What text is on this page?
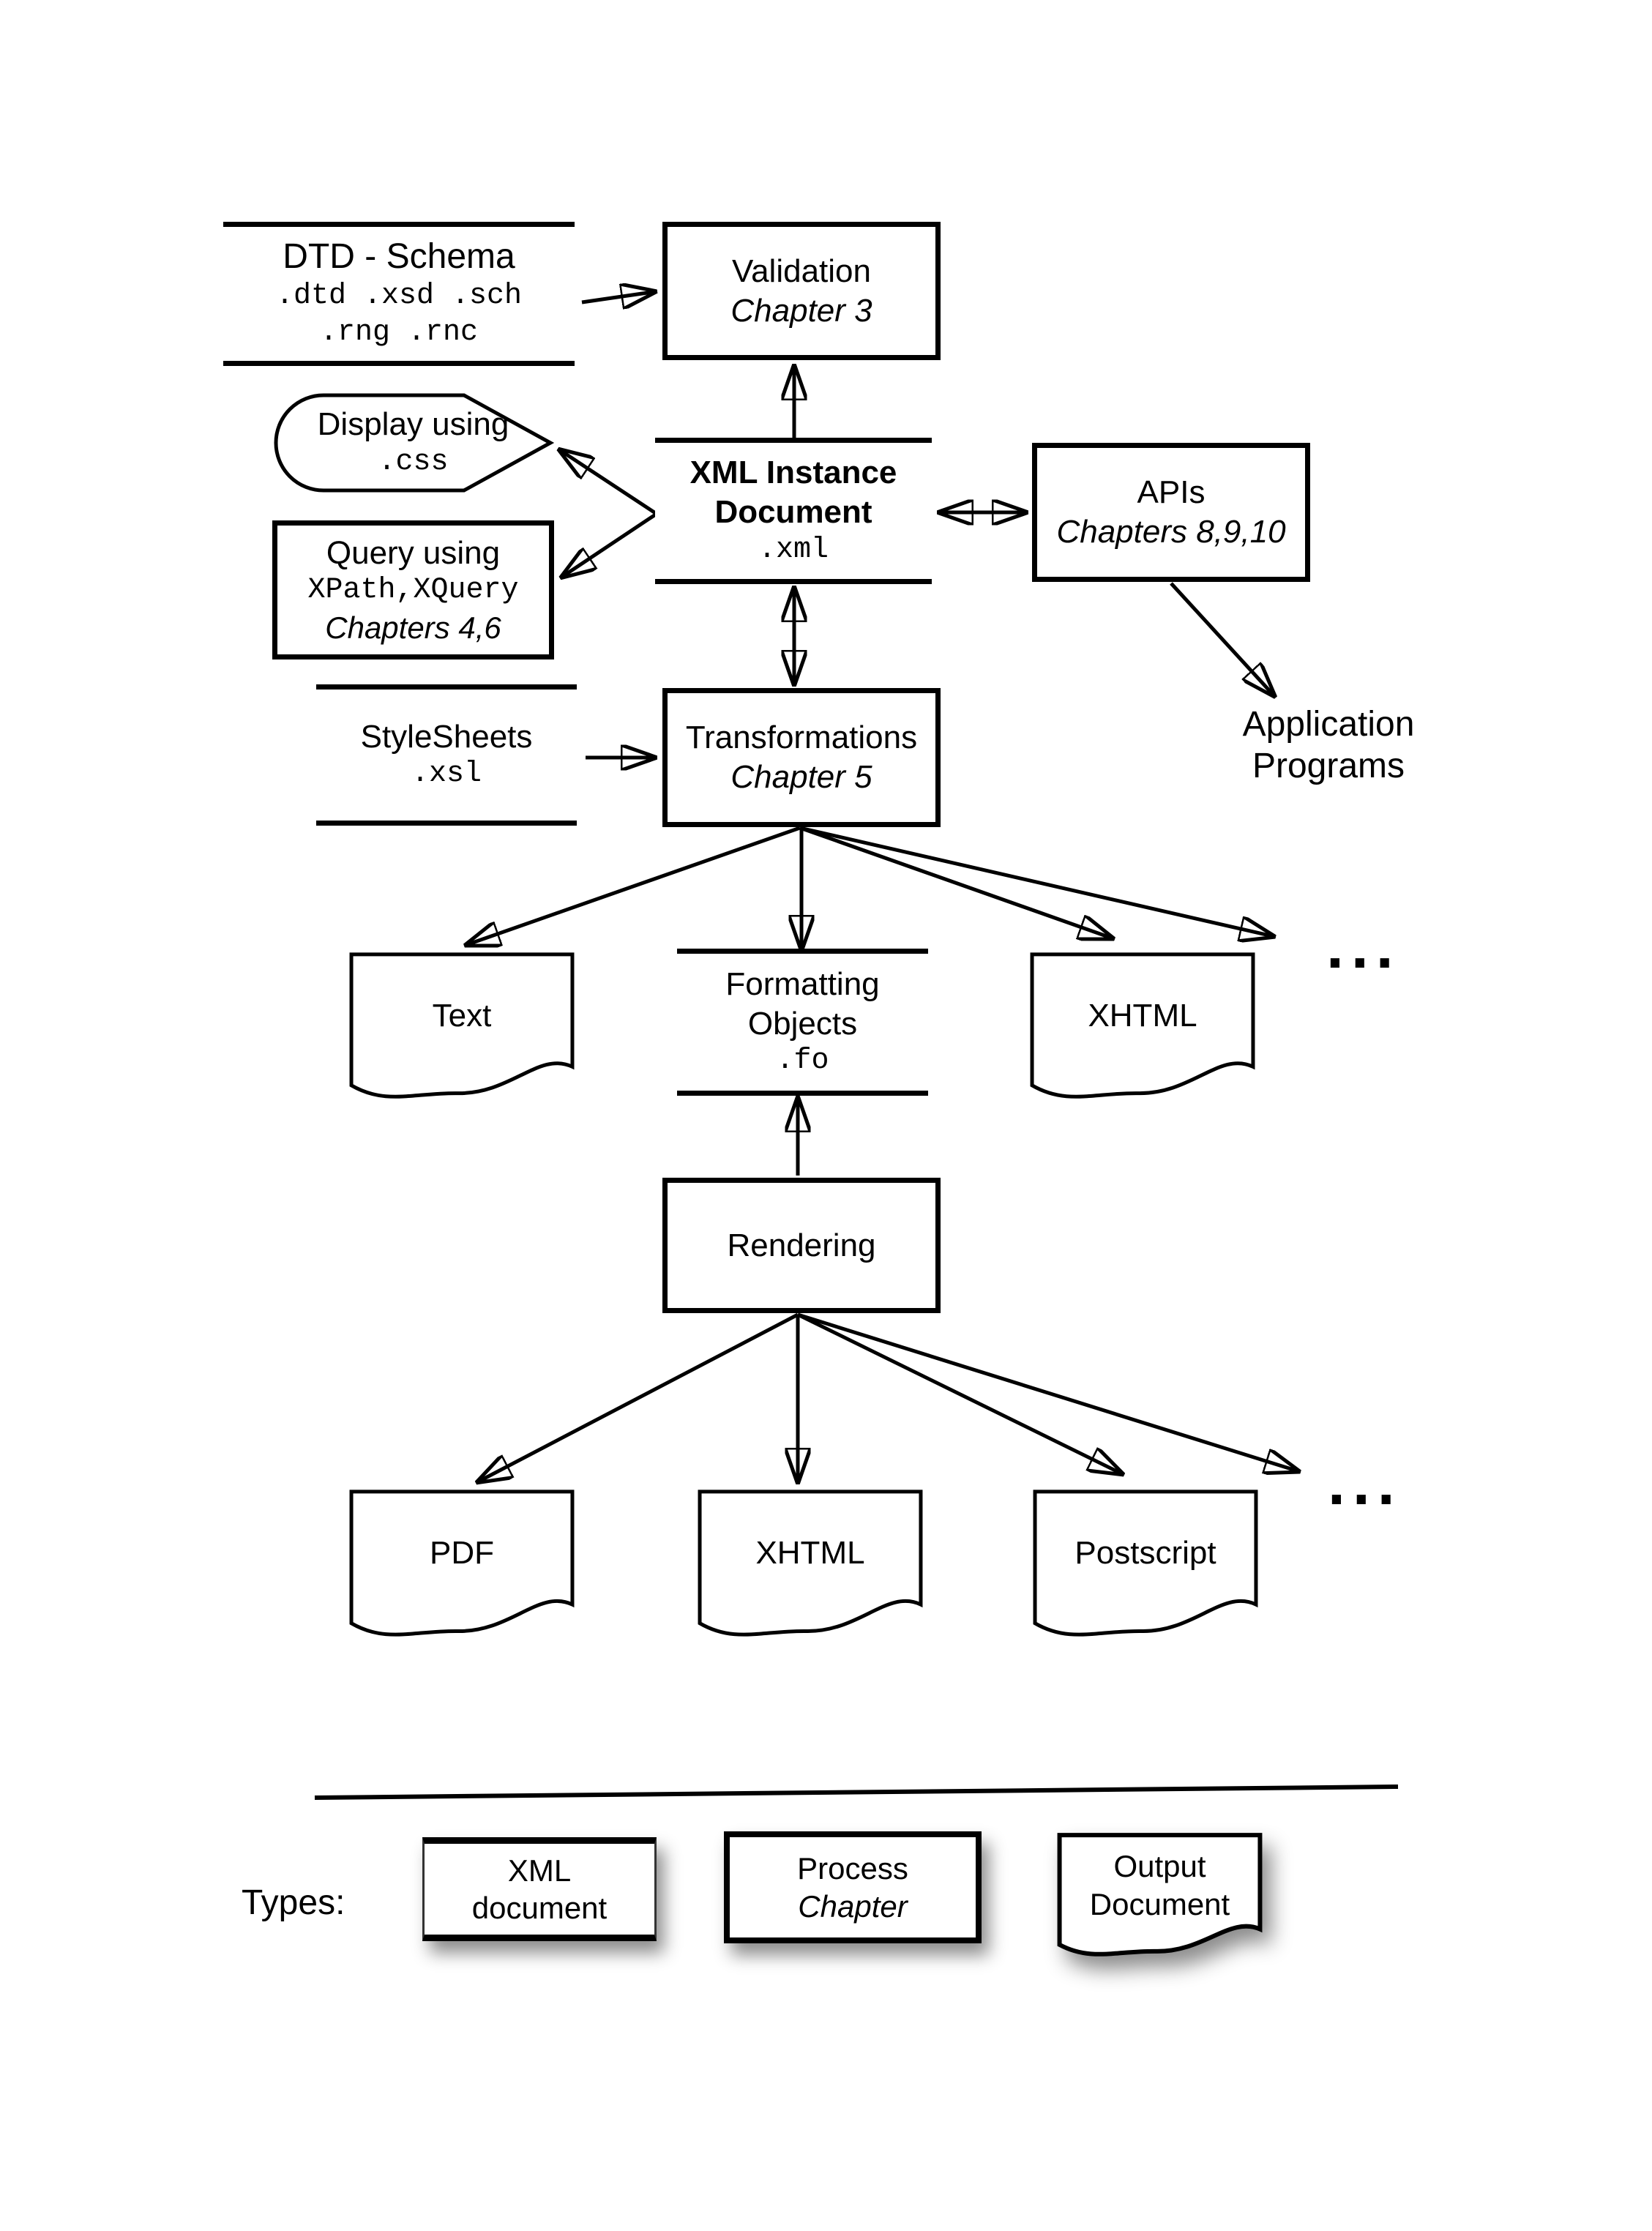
DTD - Schema
.dtd .xsd .sch
.rng .rnc
Validation
Chapter 3
Display using
.css
Query using
XPath,XQuery
Chapters 4,6
XML Instance
Document
.xml
APIs
Chapters 8,9,10
Application
Programs
StyleSheets
.xsl
Transformations
Chapter 5
Text
Formatting
Objects
.fo
XHTML
...
Rendering
PDF	XHTML	Postscript
...
Types:
XML
document
Process
Chapter
Output
Document
